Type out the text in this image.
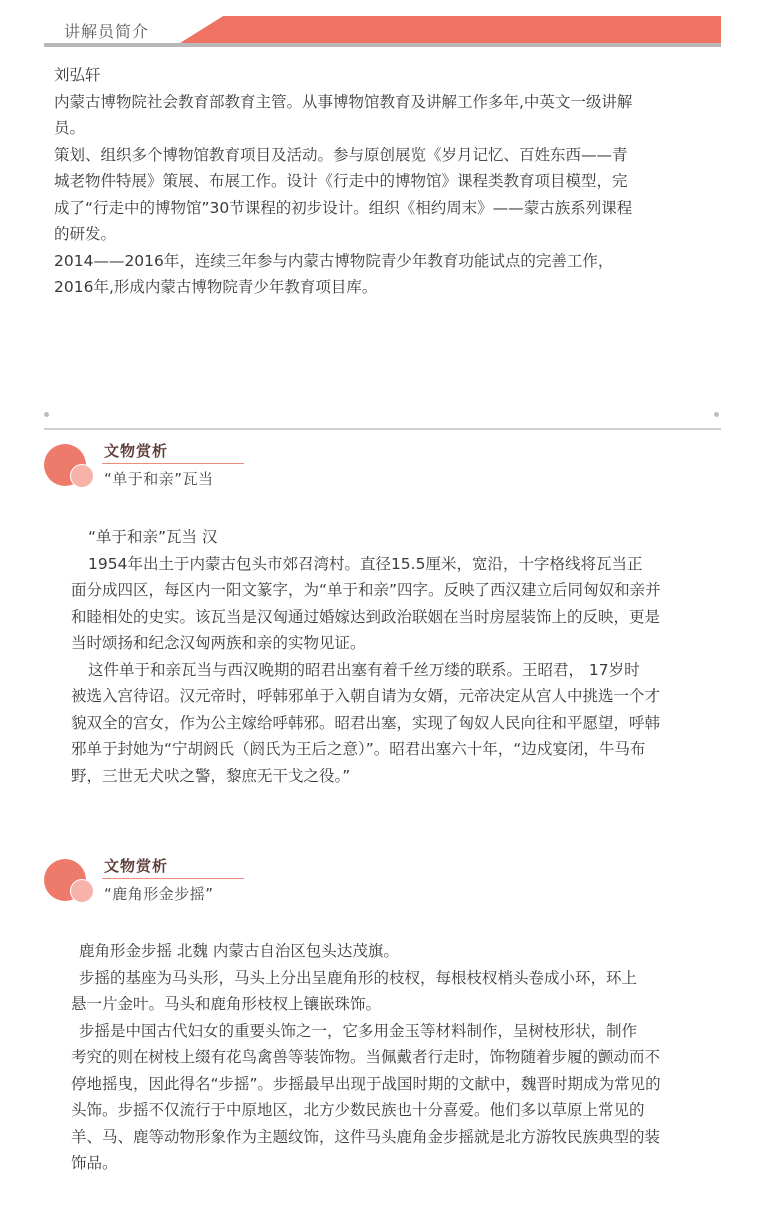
讲解员简介

刘弘轩
内蒙古博物院社会教育部教育主管。从事博物馆教育及讲解工作多年,中英文一级讲解
员。
策划、组织多个博物馆教育项目及活动。参与原创展览《岁月记忆、百姓东西——青
城老物件特展》策展、布展工作。设计《行走中的博物馆》课程类教育项目模型，完
成了“行走中的博物馆”30节课程的初步设计。组织《相约周末》——蒙古族系列课程
的研发。
2014——2016年，连续三年参与内蒙古博物院青少年教育功能试点的完善工作，
2016年,形成内蒙古博物院青少年教育项目库。

文物赏析
“单于和亲”瓦当

“单于和亲”瓦当 汉
1954年出土于内蒙古包头市郊召湾村。直径15.5厘米，宽沿，十字格线将瓦当正
面分成四区，每区内一阳文篆字，为“单于和亲”四字。反映了西汉建立后同匈奴和亲并
和睦相处的史实。该瓦当是汉匈通过婚嫁达到政治联姻在当时房屋装饰上的反映，更是
当时颂扬和纪念汉匈两族和亲的实物见证。
这件单于和亲瓦当与西汉晚期的昭君出塞有着千丝万缕的联系。王昭君， 17岁时
被选入宫待诏。汉元帝时，呼韩邪单于入朝自请为女婿，元帝决定从宫人中挑选一个才
貌双全的宫女，作为公主嫁给呼韩邪。昭君出塞，实现了匈奴人民向往和平愿望，呼韩
邪单于封她为“宁胡阏氏（阏氏为王后之意）”。昭君出塞六十年，“边戍宴闭，牛马布
野，三世无犬吠之警，黎庶无干戈之役。”

文物赏析
“鹿角形金步摇”

鹿角形金步摇 北魏 内蒙古自治区包头达茂旗。
步摇的基座为马头形，马头上分出呈鹿角形的枝杈，每根枝杈梢头卷成小环，环上
悬一片金叶。马头和鹿角形枝杈上镶嵌珠饰。
步摇是中国古代妇女的重要头饰之一，它多用金玉等材料制作，呈树枝形状，制作
考究的则在树枝上缀有花鸟禽兽等装饰物。当佩戴者行走时，饰物随着步履的颤动而不
停地摇曳，因此得名“步摇”。步摇最早出现于战国时期的文献中，魏晋时期成为常见的
头饰。步摇不仅流行于中原地区，北方少数民族也十分喜爱。他们多以草原上常见的
羊、马、鹿等动物形象作为主题纹饰，这件马头鹿角金步摇就是北方游牧民族典型的装
饰品。
